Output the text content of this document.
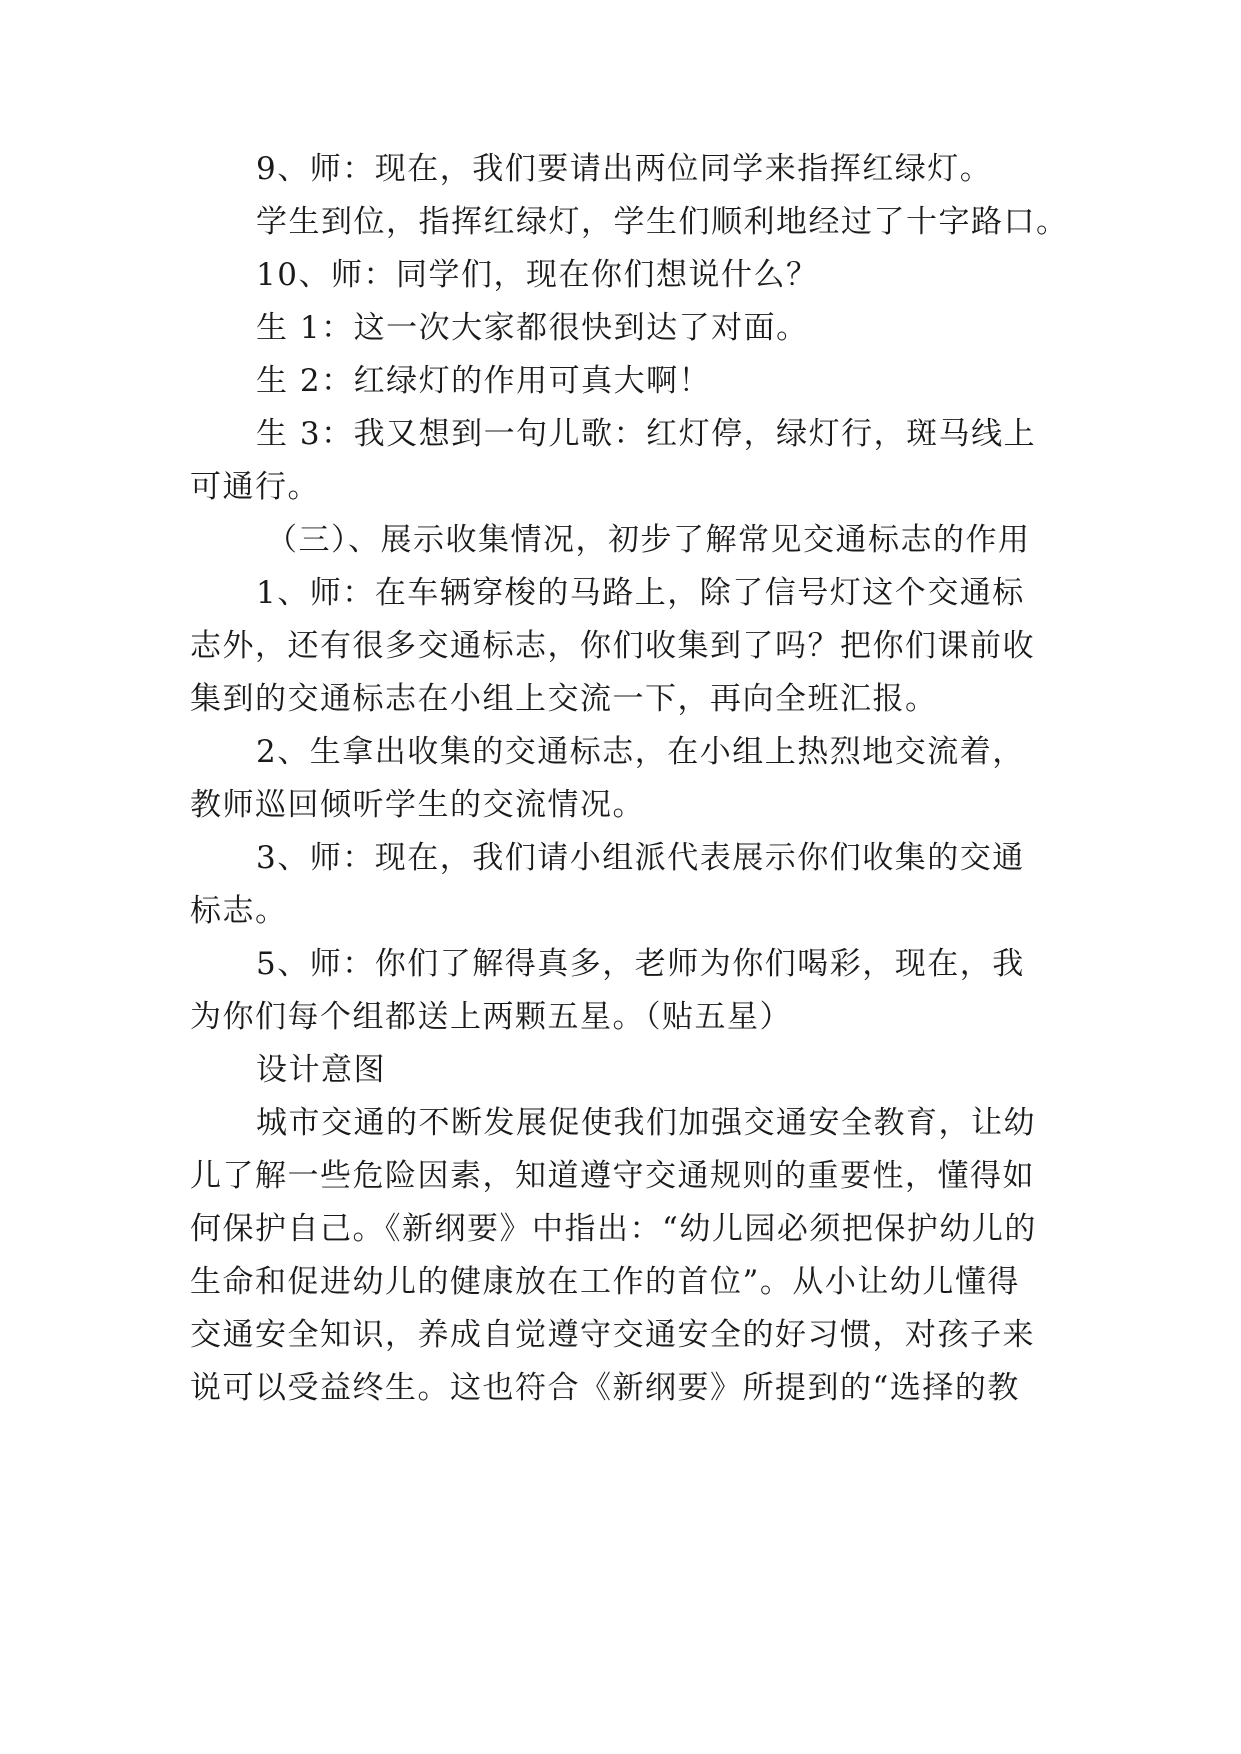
9、师：现在，我们要请出两位同学来指挥红绿灯。
学生到位，指挥红绿灯，学生们顺利地经过了十字路口。
10、师：同学们，现在你们想说什么？
生 1：这一次大家都很快到达了对面。
生 2：红绿灯的作用可真大啊！
生 3：我又想到一句儿歌：红灯停，绿灯行，斑马线上
可通行。
（三）、展示收集情况，初步了解常见交通标志的作用
1、师：在车辆穿梭的马路上，除了信号灯这个交通标
志外，还有很多交通标志，你们收集到了吗？把你们课前收
集到的交通标志在小组上交流一下，再向全班汇报。
2、生拿出收集的交通标志，在小组上热烈地交流着，
教师巡回倾听学生的交流情况。
3、师：现在，我们请小组派代表展示你们收集的交通
标志。
5、师：你们了解得真多，老师为你们喝彩，现在，我
为你们每个组都送上两颗五星。（贴五星）
设计意图
城市交通的不断发展促使我们加强交通安全教育，让幼
儿了解一些危险因素，知道遵守交通规则的重要性，懂得如
何保护自己。《新纲要》中指出：“幼儿园必须把保护幼儿的
生命和促进幼儿的健康放在工作的首位”。从小让幼儿懂得
交通安全知识，养成自觉遵守交通安全的好习惯，对孩子来
说可以受益终生。这也符合《新纲要》所提到的“选择的教
